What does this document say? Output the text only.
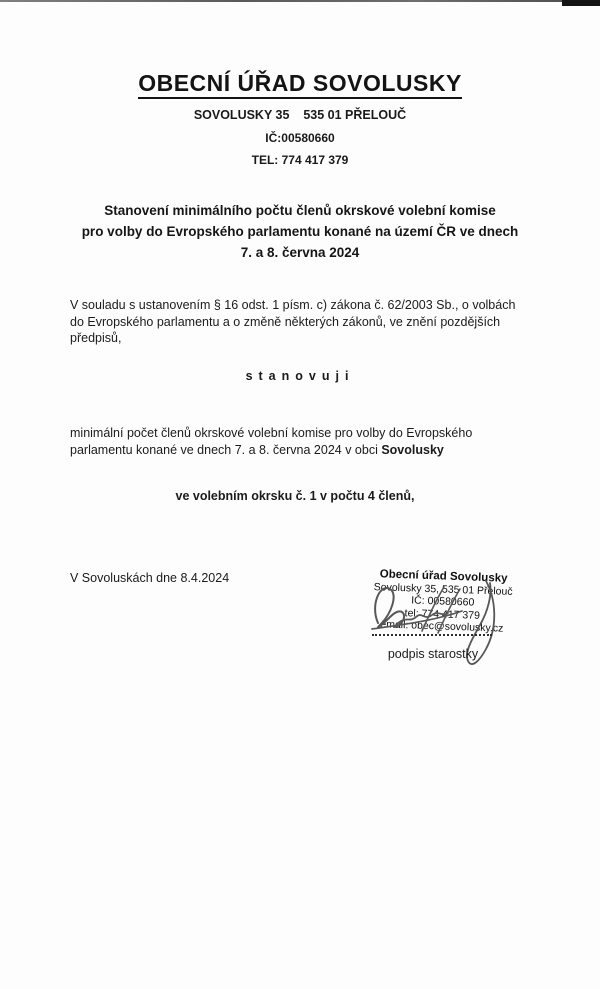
OBECNÍ ÚŘAD SOVOLUSKY
SOVOLUSKY 35    535 01 PŘELOUČ
IČ:00580660
TEL: 774 417 379
Stanovení minimálního počtu členů okrskové volební komise
pro volby do Evropského parlamentu konané na území ČR ve dnech
7. a 8. června 2024

V souladu s ustanovením § 16 odst. 1 písm. c) zákona č. 62/2003 Sb., o volbách do Evropského parlamentu a o změně některých zákonů, ve znění pozdějších předpisů,

stanovuji

minimální počet členů okrskové volební komise pro volby do Evropského parlamentu konané ve dnech 7. a 8. června 2024 v obci Sovolusky

ve volebním okrsku č. 1 v počtu 4 členů,
V Sovoluskách dne 8.4.2024	Obecní úřad Sovolusky
Sovolusky 35, 535 01 Přelouč
IČ: 00580660
tel: 774 417 379
email: obec@sovolusky.cz
podpis starostky
